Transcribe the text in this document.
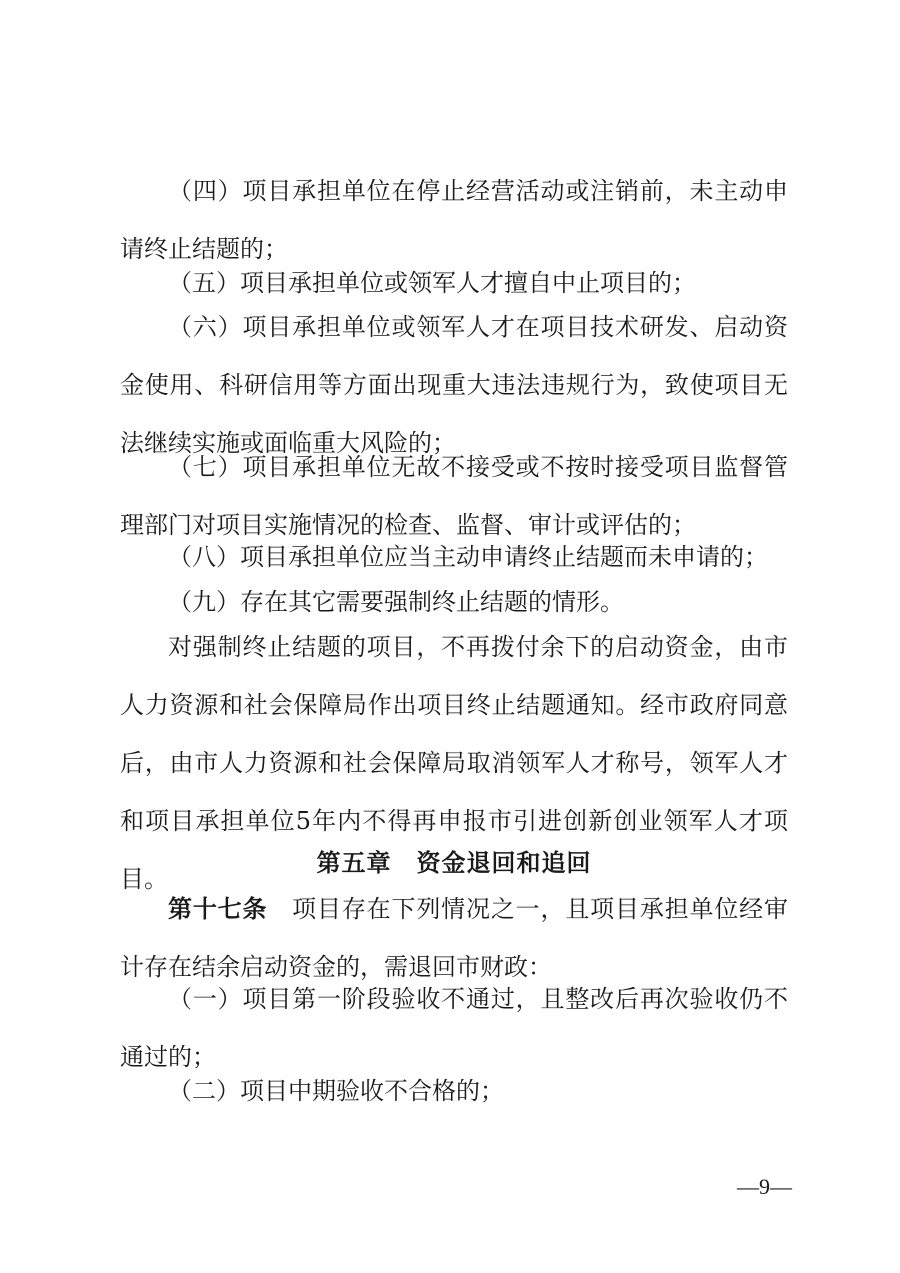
（四）项目承担单位在停止经营活动或注销前，未主动申请终止结题的；

（五）项目承担单位或领军人才擅自中止项目的；

（六）项目承担单位或领军人才在项目技术研发、启动资金使用、科研信用等方面出现重大违法违规行为，致使项目无法继续实施或面临重大风险的；

（七）项目承担单位无故不接受或不按时接受项目监督管理部门对项目实施情况的检查、监督、审计或评估的；

（八）项目承担单位应当主动申请终止结题而未申请的；

（九）存在其它需要强制终止结题的情形。

对强制终止结题的项目，不再拨付余下的启动资金，由市人力资源和社会保障局作出项目终止结题通知。经市政府同意后，由市人力资源和社会保障局取消领军人才称号，领军人才和项目承担单位5年内不得再申报市引进创新创业领军人才项目。

第五章　资金退回和追回

第十七条　项目存在下列情况之一，且项目承担单位经审计存在结余启动资金的，需退回市财政：

（一）项目第一阶段验收不通过，且整改后再次验收仍不通过的；

（二）项目中期验收不合格的；

—9—
